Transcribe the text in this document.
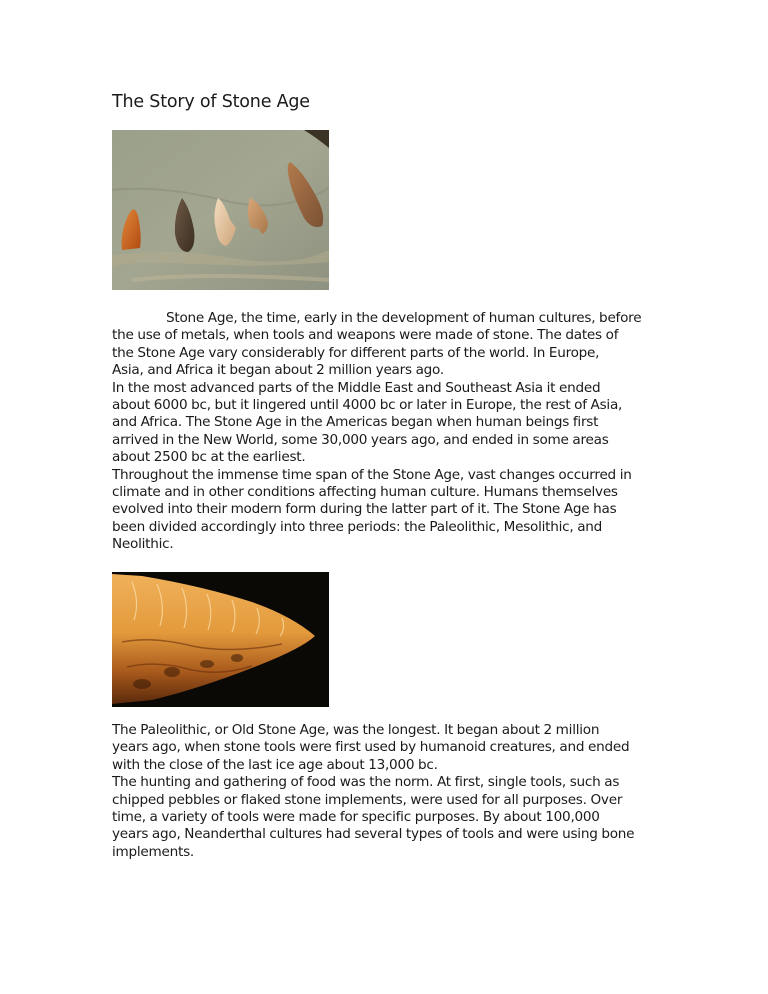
The Story of Stone Age

Stone Age, the time, early in the development of human cultures, before
the use of metals, when tools and weapons were made of stone. The dates of
the Stone Age vary considerably for different parts of the world. In Europe,
Asia, and Africa it began about 2 million years ago.
In the most advanced parts of the Middle East and Southeast Asia it ended
about 6000 bc, but it lingered until 4000 bc or later in Europe, the rest of Asia,
and Africa. The Stone Age in the Americas began when human beings first
arrived in the New World, some 30,000 years ago, and ended in some areas
about 2500 bc at the earliest.
Throughout the immense time span of the Stone Age, vast changes occurred in
climate and in other conditions affecting human culture. Humans themselves
evolved into their modern form during the latter part of it. The Stone Age has
been divided accordingly into three periods: the Paleolithic, Mesolithic, and
Neolithic.

The Paleolithic, or Old Stone Age, was the longest. It began about 2 million
years ago, when stone tools were first used by humanoid creatures, and ended
with the close of the last ice age about 13,000 bc.
The hunting and gathering of food was the norm. At first, single tools, such as
chipped pebbles or flaked stone implements, were used for all purposes. Over
time, a variety of tools were made for specific purposes. By about 100,000
years ago, Neanderthal cultures had several types of tools and were using bone
implements.
